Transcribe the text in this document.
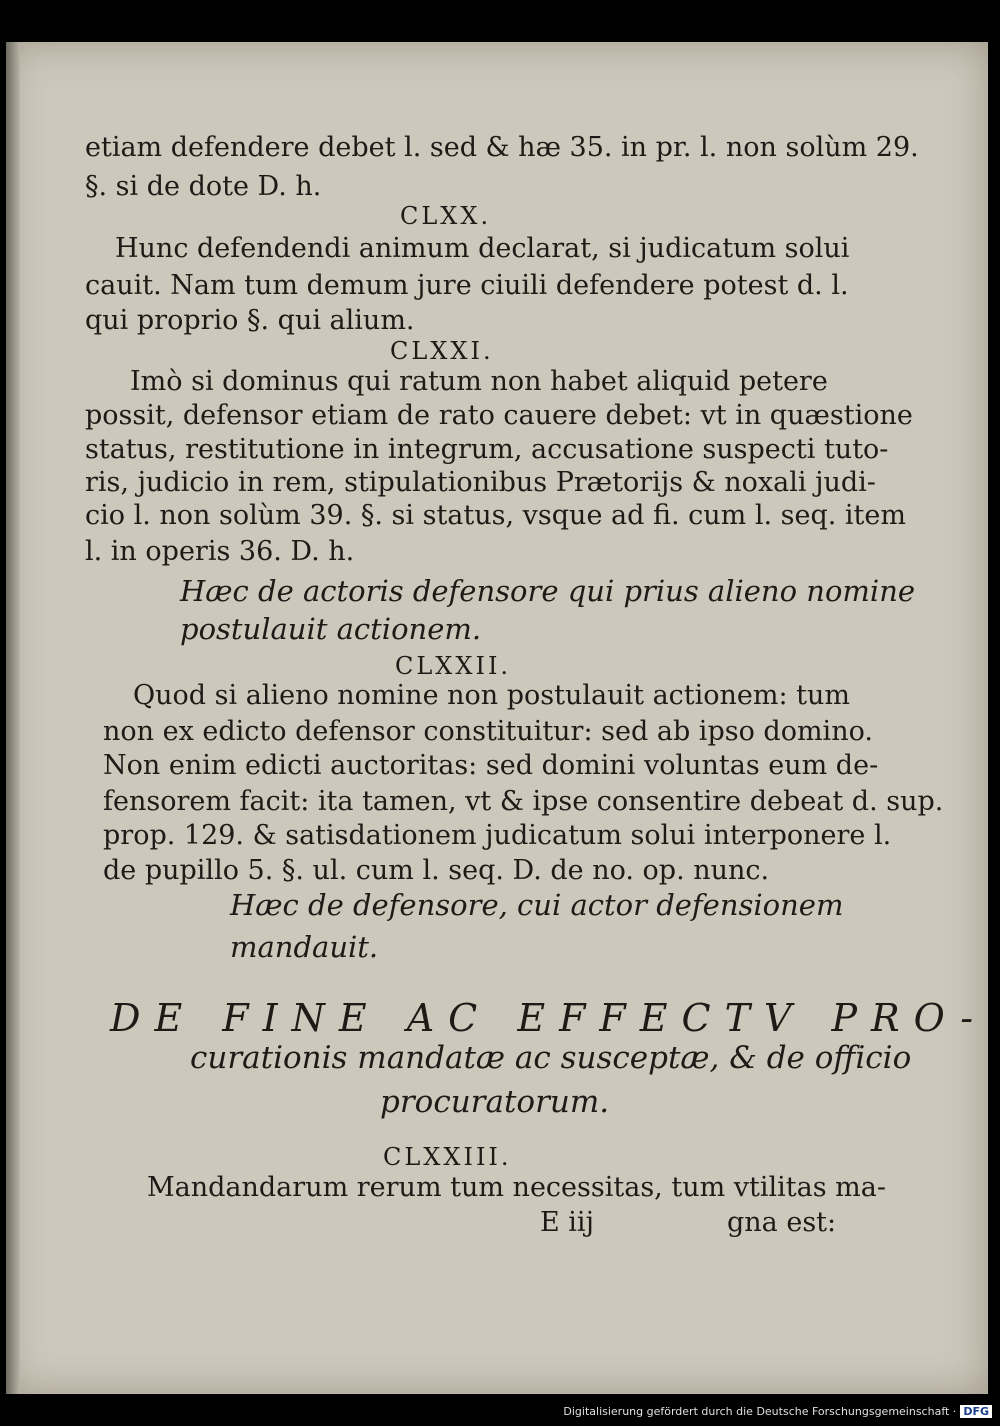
etiam defendere debet l. sed & hæ 35. in pr. l. non solùm 29.
§. si de dote D. h.
CLXX.
Hunc defendendi animum declarat, si judicatum solui
cauit. Nam tum demum jure ciuili defendere potest d. l.
qui proprio §. qui alium.
CLXXI.
Imò si dominus qui ratum non habet aliquid petere
possit, defensor etiam de rato cauere debet: vt in quæstione
status, restitutione in integrum, accusatione suspecti tuto-
ris, judicio in rem, stipulationibus Prætorijs & noxali judi-
cio l. non solùm 39. §. si status, vsque ad fi. cum l. seq. item
l. in operis 36. D. h.
Hæc de actoris defensore qui prius alieno nomine
postulauit actionem.
CLXXII.
Quod si alieno nomine non postulauit actionem: tum
non ex edicto defensor constituitur: sed ab ipso domino.
Non enim edicti auctoritas: sed domini voluntas eum de-
fensorem facit: ita tamen, vt & ipse consentire debeat d. sup.
prop. 129. & satisdationem judicatum solui interponere l.
de pupillo 5. §. ul. cum l. seq. D. de no. op. nunc.
Hæc de defensore, cui actor defensionem
mandauit.
DE FINE AC EFFECTV PRO-
curationis mandatæ ac susceptæ, & de officio
procuratorum.
CLXXIII.
Mandandarum rerum tum necessitas, tum vtilitas ma-
E iij	gna est:
Digitalisierung gefördert durch die Deutsche Forschungsgemeinschaft · DFG
